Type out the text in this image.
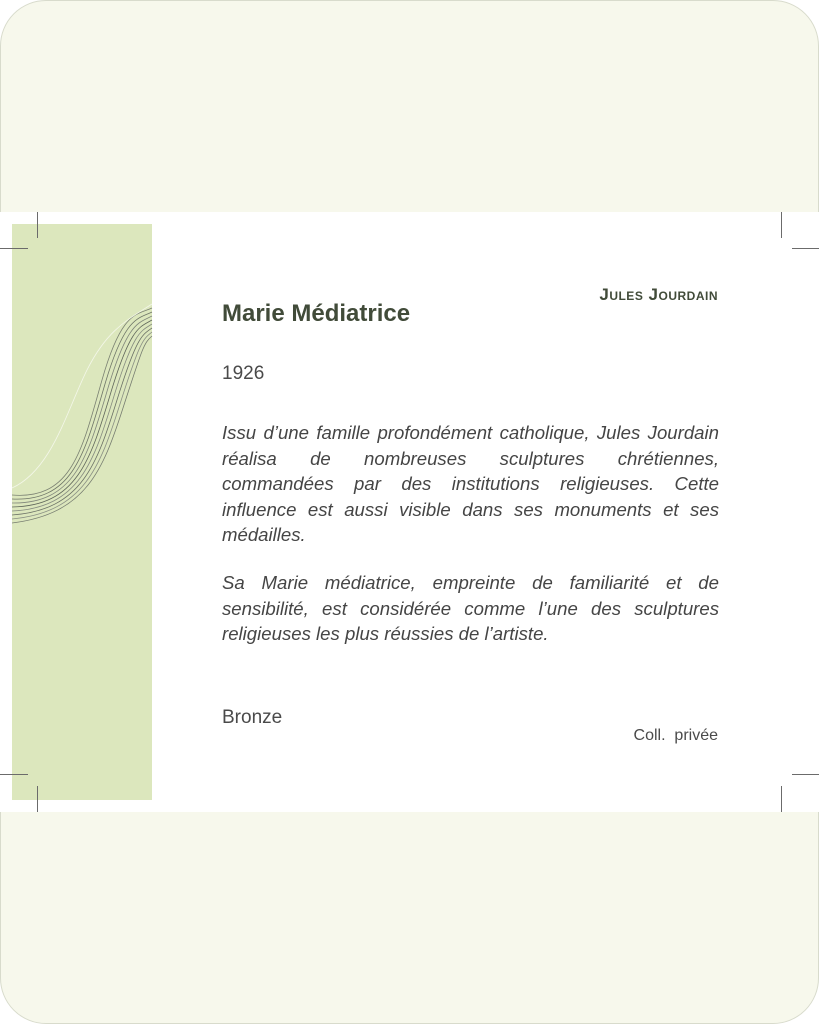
Jules Jourdain
Marie Médiatrice
1926
Issu d’une famille profondément catholique, Jules Jourdain réalisa de nombreuses sculptures chrétiennes, commandées par des institutions religieuses. Cette influence est aussi visible dans ses monuments et ses médailles.
Sa Marie médiatrice, empreinte de familiarité et de sensibilité, est considérée comme l’une des sculptures religieuses les plus réussies de l’artiste.
Bronze
Coll.  privée
